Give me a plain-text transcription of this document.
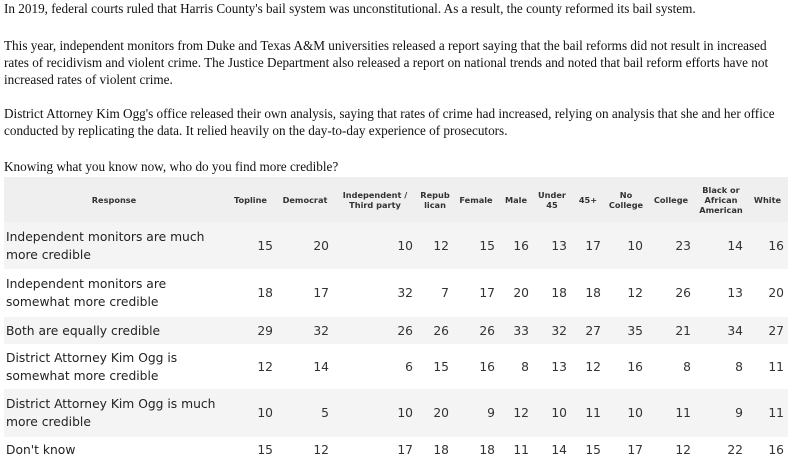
In 2019, federal courts ruled that Harris County's bail system was unconstitutional. As a result, the county reformed its bail system.

This year, independent monitors from Duke and Texas A&M universities released a report saying that the bail reforms did not result in increased rates of recidivism and violent crime. The Justice Department also released a report on national trends and noted that bail reform efforts have not increased rates of violent crime.

District Attorney Kim Ogg's office released their own analysis, saying that rates of crime had increased, relying on analysis that she and her office conducted by replicating the data. It relied heavily on the day-to-day experience of prosecutors.

Knowing what you know now, who do you find more credible?

Response	Topline	Democrat	Independent / Third party	Repub lican	Female	Male	Under 45	45+	No College	College	Black or African American	White
Independent monitors are much more credible	15	20	10	12	15	16	13	17	10	23	14	16
Independent monitors are somewhat more credible	18	17	32	7	17	20	18	18	12	26	13	20
Both are equally credible	29	32	26	26	26	33	32	27	35	21	34	27
District Attorney Kim Ogg is somewhat more credible	12	14	6	15	16	8	13	12	16	8	8	11
District Attorney Kim Ogg is much more credible	10	5	10	20	9	12	10	11	10	11	9	11
Don't know	15	12	17	18	18	11	14	15	17	12	22	16
